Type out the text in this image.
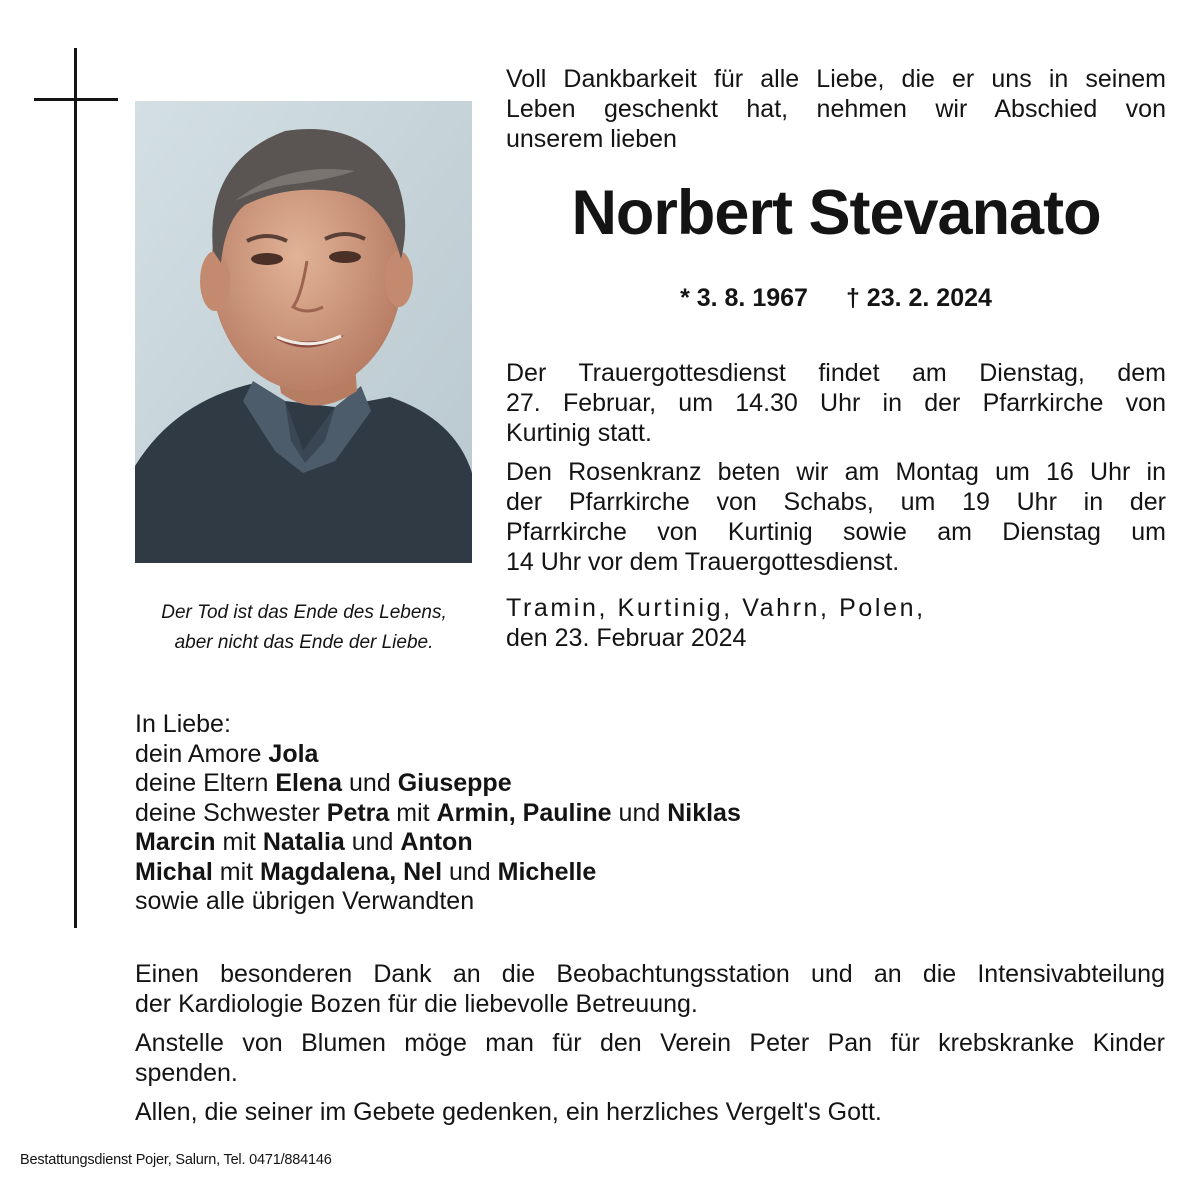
Der Tod ist das Ende des Lebens,
aber nicht das Ende der Liebe.
Voll Dankbarkeit für alle Liebe, die er uns in seinem
Leben geschenkt hat, nehmen wir Abschied von
unserem lieben
Norbert Stevanato
* 3. 8. 1967 † 23. 2. 2024
Der Trauergottesdienst findet am Dienstag, dem
27. Februar, um 14.30 Uhr in der Pfarrkirche von
Kurtinig statt.
Den Rosenkranz beten wir am Montag um 16 Uhr in
der Pfarrkirche von Schabs, um 19 Uhr in der
Pfarrkirche von Kurtinig sowie am Dienstag um
14 Uhr vor dem Trauergottesdienst.
Tramin, Kurtinig, Vahrn, Polen,
den 23. Februar 2024
In Liebe:
dein Amore Jola
deine Eltern Elena und Giuseppe
deine Schwester Petra mit Armin, Pauline und Niklas
Marcin mit Natalia und Anton
Michal mit Magdalena, Nel und Michelle
sowie alle übrigen Verwandten
Einen besonderen Dank an die Beobachtungsstation und an die Intensivabteilung
der Kardiologie Bozen für die liebevolle Betreuung.
Anstelle von Blumen möge man für den Verein Peter Pan für krebskranke Kinder
spenden.
Allen, die seiner im Gebete gedenken, ein herzliches Vergelt's Gott.
Bestattungsdienst Pojer, Salurn, Tel. 0471/884146
